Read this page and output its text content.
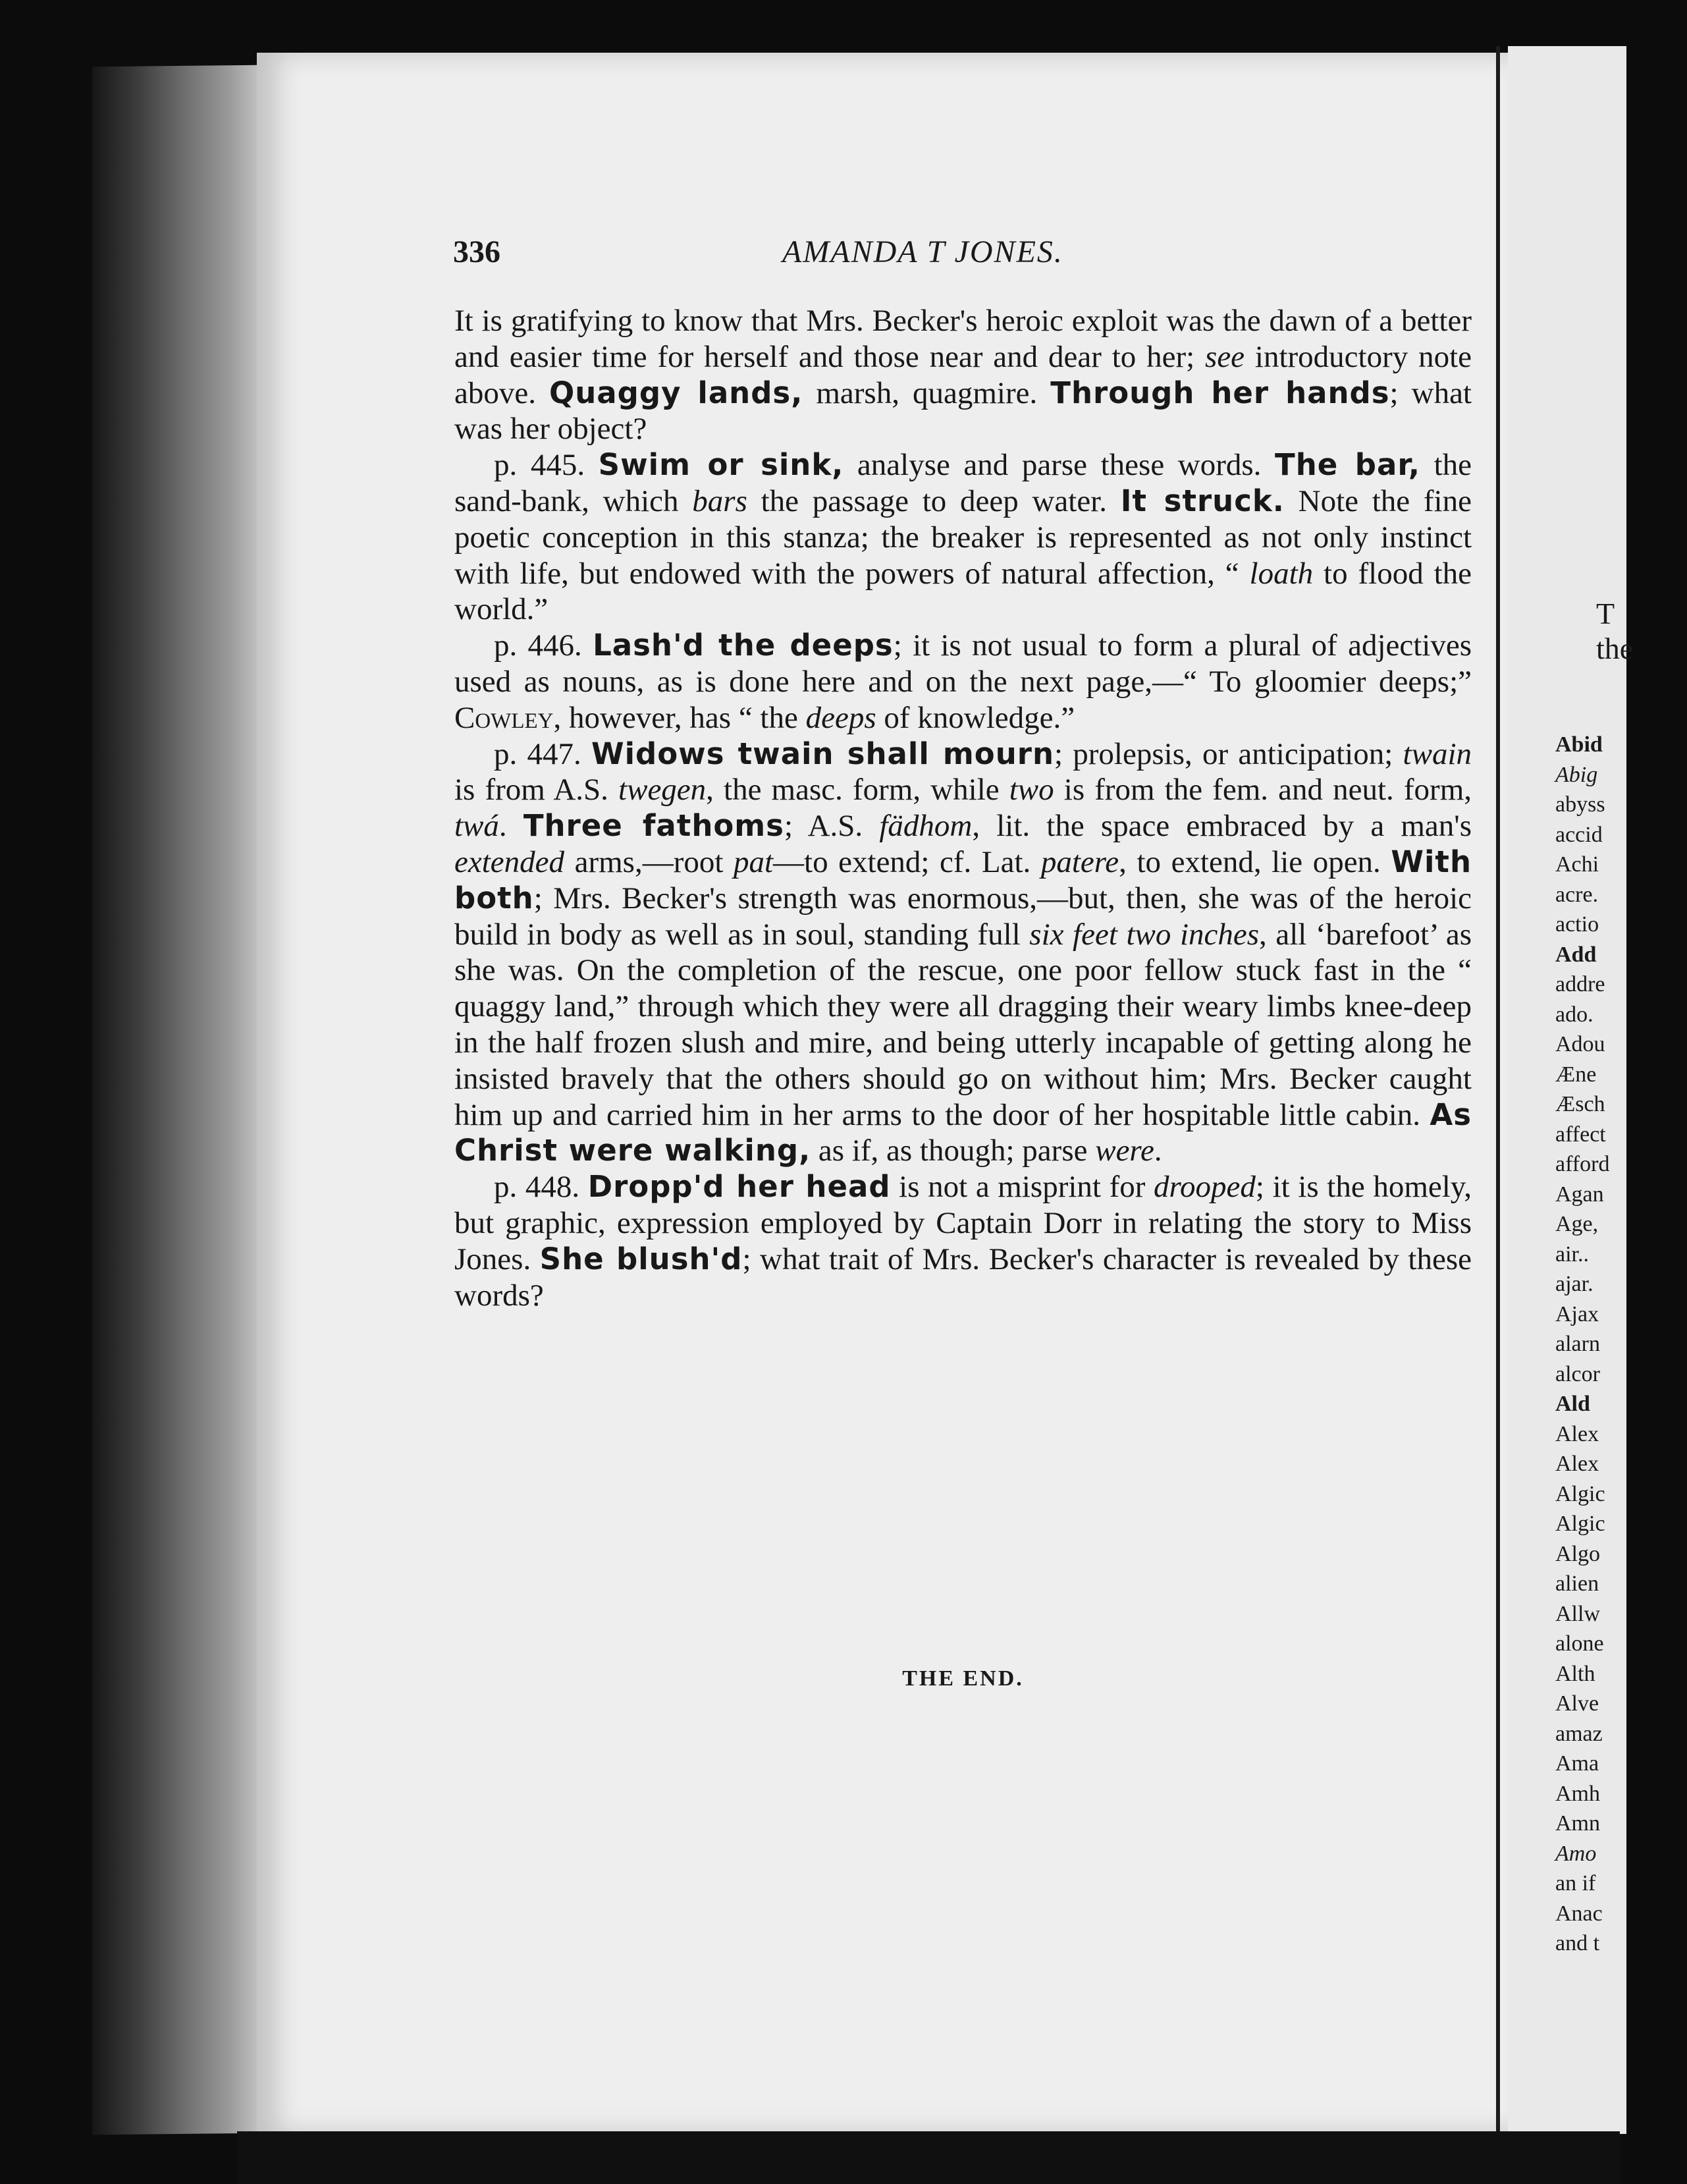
336	AMANDA T JONES.

It is gratifying to know that Mrs. Becker's heroic exploit was the dawn of a better and easier time for herself and those near and dear to her; see introductory note above. Quaggy lands, marsh, quagmire. Through her hands; what was her object?

p. 445. Swim or sink, analyse and parse these words. The bar, the sand-bank, which bars the passage to deep water. It struck. Note the fine poetic conception in this stanza; the breaker is represented as not only instinct with life, but endowed with the powers of natural affection, “ loath to flood the world.”

p. 446. Lash'd the deeps; it is not usual to form a plural of adjectives used as nouns, as is done here and on the next page,—“ To gloomier deeps;” Cowley, however, has “ the deeps of knowledge.”

p. 447. Widows twain shall mourn; prolepsis, or anticipation; twain is from A.S. twegen, the masc. form, while two is from the fem. and neut. form, twá. Three fathoms; A.S. fädhom, lit. the space embraced by a man's extended arms,—root pat—to extend; cf. Lat. patere, to extend, lie open. With both; Mrs. Becker's strength was enormous,—but, then, she was of the heroic build in body as well as in soul, standing full six feet two inches, all ‘barefoot’ as she was. On the completion of the rescue, one poor fellow stuck fast in the “ quaggy land,” through which they were all dragging their weary limbs knee-deep in the half frozen slush and mire, and being utterly incapable of getting along he insisted bravely that the others should go on without him; Mrs. Becker caught him up and carried him in her arms to the door of her hospitable little cabin. As Christ were walking, as if, as though; parse were.

p. 448. Dropp'd her head is not a misprint for drooped; it is the homely, but graphic, expression employed by Captain Dorr in relating the story to Miss Jones. She blush'd; what trait of Mrs. Becker's character is revealed by these words?

THE END.
T
the
Abid
Abig
abyss
accid
Achi
acre.
actio
Add
addre
ado.
Adou
Æne
Æsch
affect
afford
Agan
Age,
air..
ajar.
Ajax
alarn
alcor
Ald
Alex
Alex
Algic
Algic
Algo
alien
Allw
alone
Alth
Alve
amaz
Ama
Amh
Amn
Amo
an if
Anac
and t
